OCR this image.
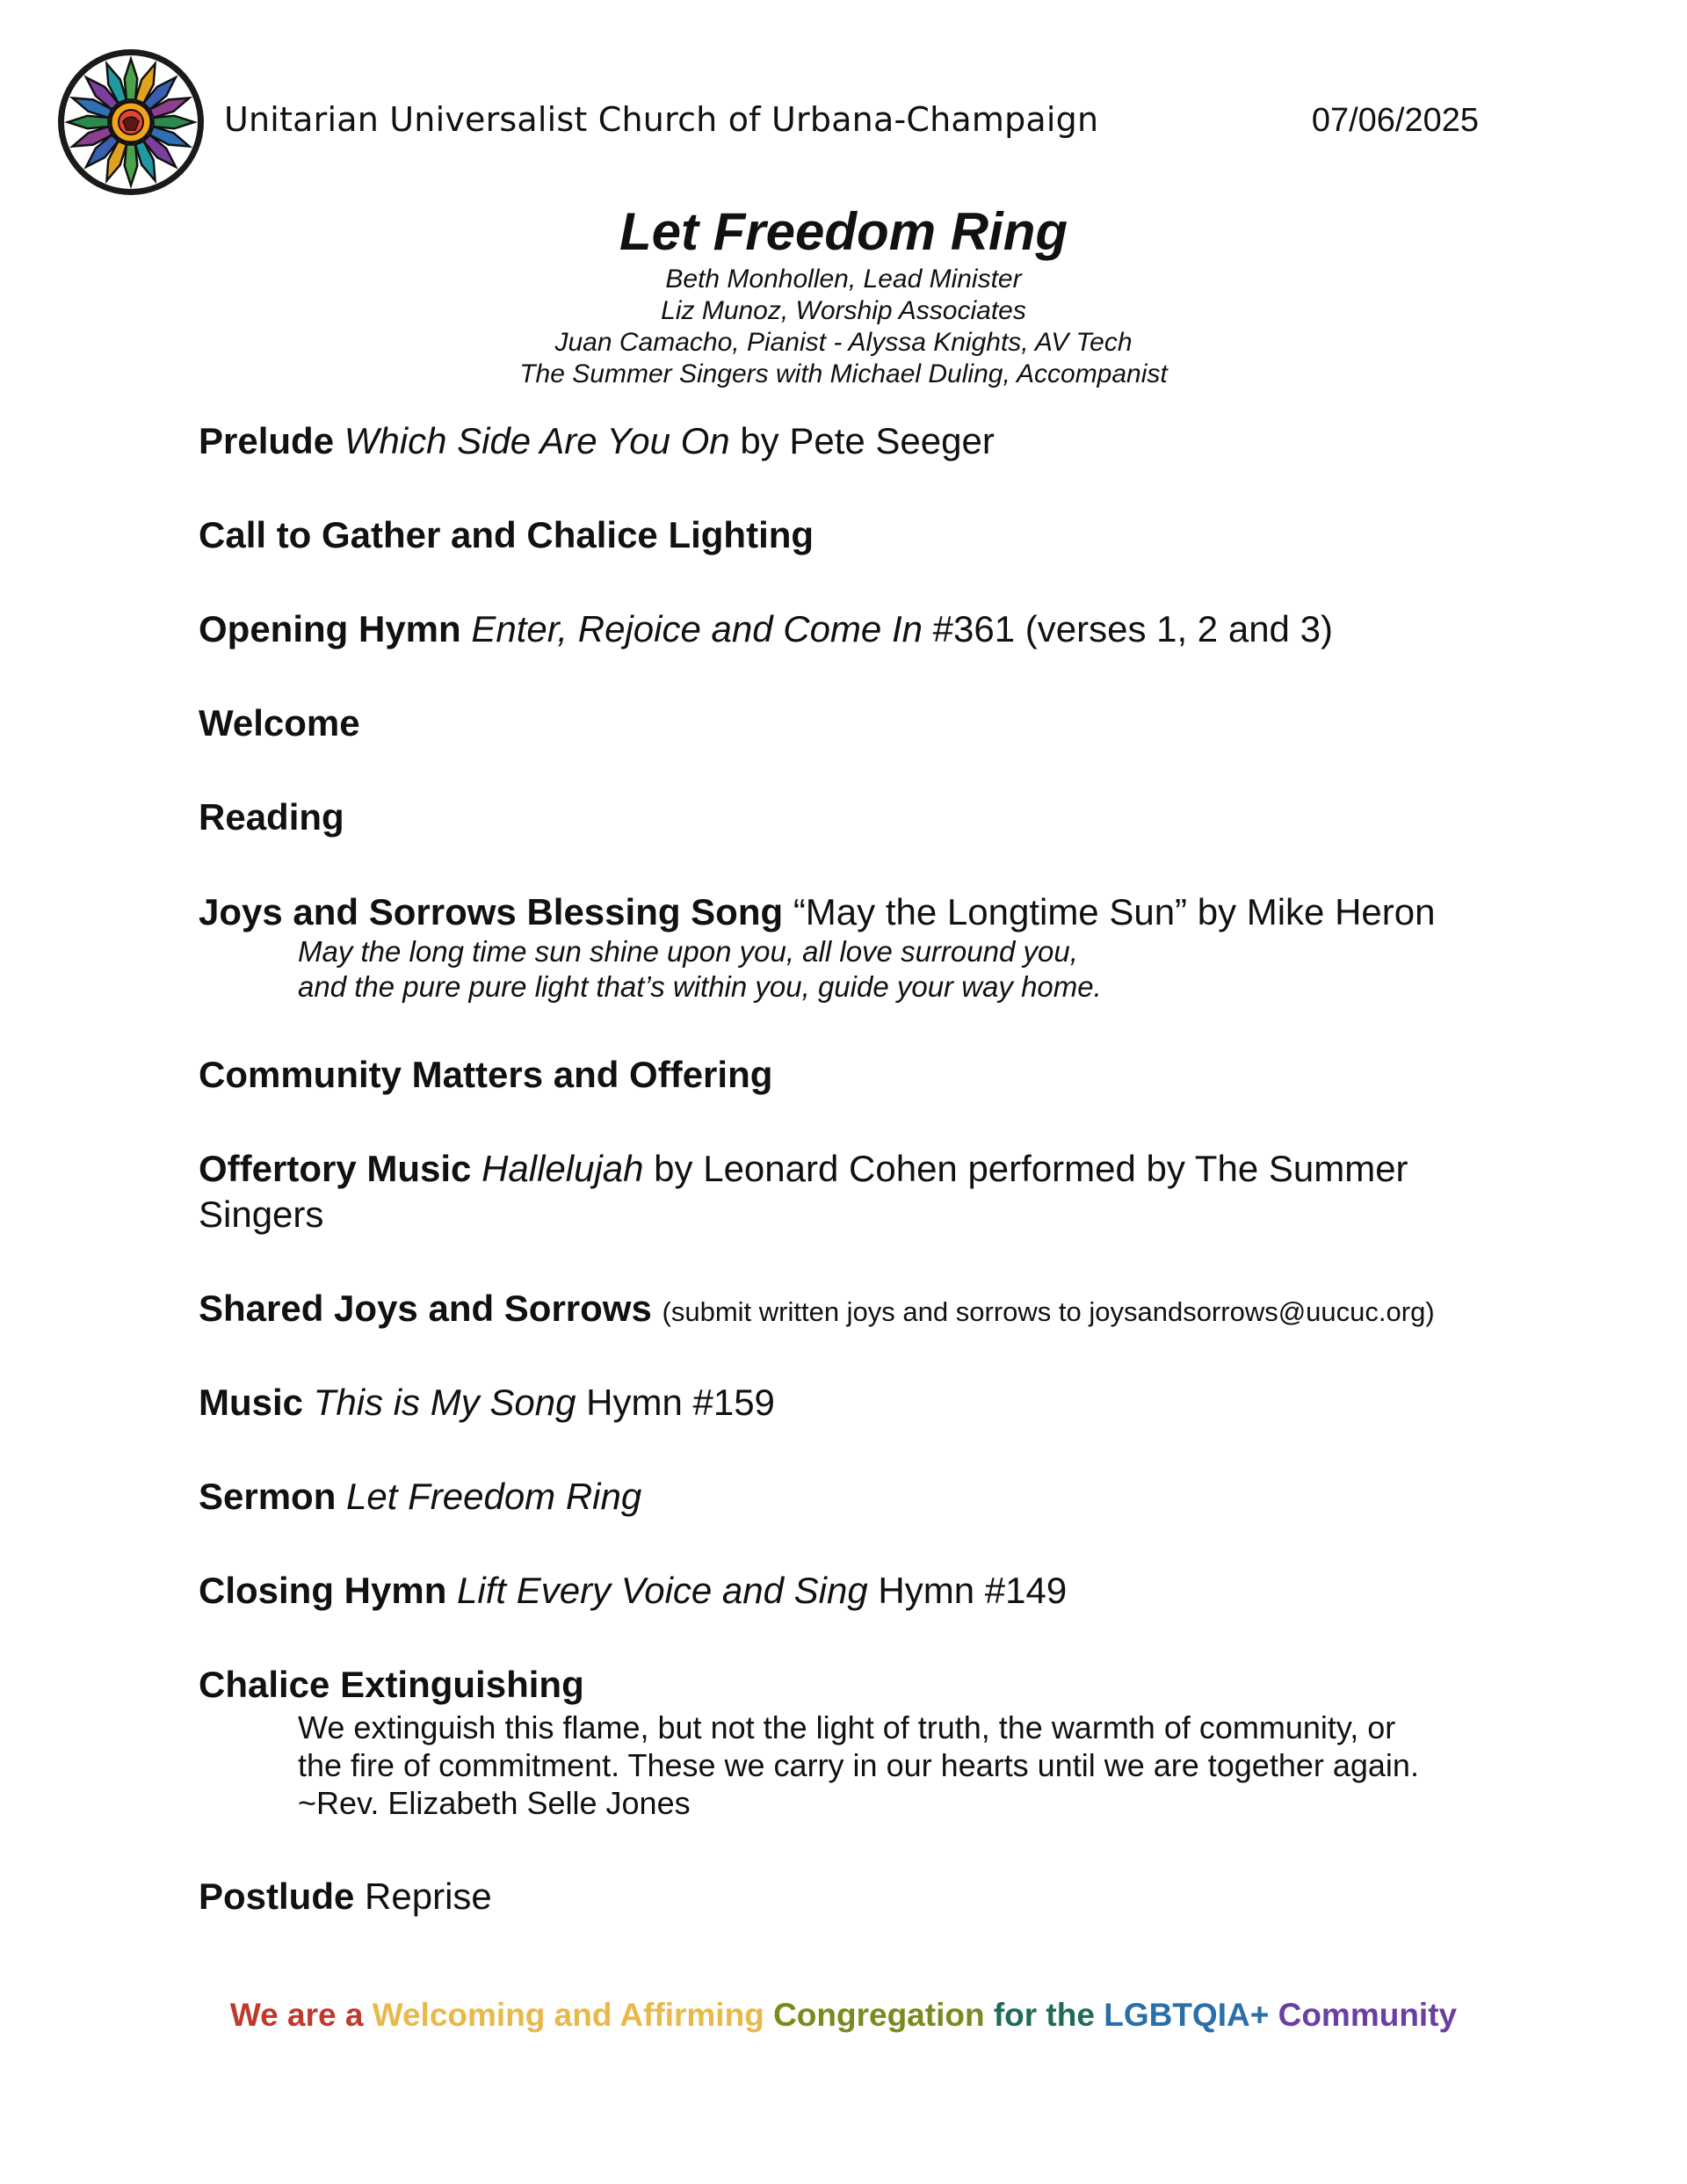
Unitarian Universalist Church of Urbana-Champaign	07/06/2025
Let Freedom Ring
Beth Monhollen, Lead Minister
Liz Munoz, Worship Associates
Juan Camacho, Pianist - Alyssa Knights, AV Tech
The Summer Singers with Michael Duling, Accompanist
Prelude Which Side Are You On by Pete Seeger
Call to Gather and Chalice Lighting
Opening Hymn Enter, Rejoice and Come In #361 (verses 1, 2 and 3)
Welcome
Reading
Joys and Sorrows Blessing Song “May the Longtime Sun” by Mike Heron
May the long time sun shine upon you, all love surround you,
and the pure pure light that’s within you, guide your way home.
Community Matters and Offering
Offertory Music Hallelujah by Leonard Cohen performed by The Summer Singers
Shared Joys and Sorrows (submit written joys and sorrows to joysandsorrows@uucuc.org)
Music This is My Song Hymn #159
Sermon Let Freedom Ring
Closing Hymn Lift Every Voice and Sing Hymn #149
Chalice Extinguishing
We extinguish this flame, but not the light of truth, the warmth of community, or
the fire of commitment. These we carry in our hearts until we are together again.
~Rev. Elizabeth Selle Jones
Postlude Reprise
We are a Welcoming and Affirming Congregation for the LGBTQIA+ Community
